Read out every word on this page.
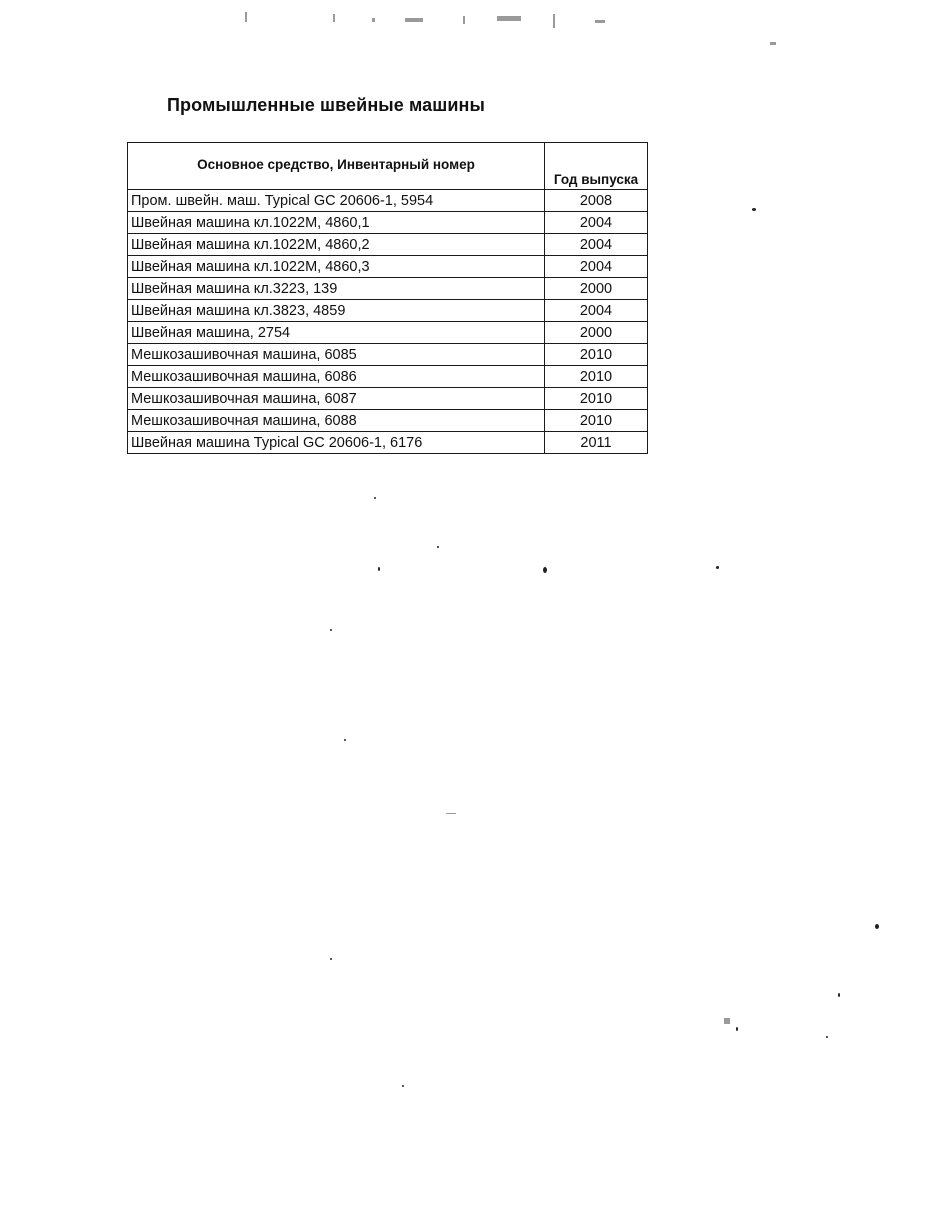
Промышленные швейные машины
Основное средство, Инвентарный номер	Год выпуска
Пром. швейн. маш. Typical GC 20606-1, 5954	2008
Швейная машина кл.1022М, 4860,1	2004
Швейная машина кл.1022М, 4860,2	2004
Швейная машина кл.1022М, 4860,3	2004
Швейная машина кл.3223, 139	2000
Швейная машина кл.3823, 4859	2004
Швейная машина, 2754	2000
Мешкозашивочная машина, 6085	2010
Мешкозашивочная машина, 6086	2010
Мешкозашивочная машина, 6087	2010
Мешкозашивочная машина, 6088	2010
Швейная машина Typical GC 20606-1, 6176	2011
